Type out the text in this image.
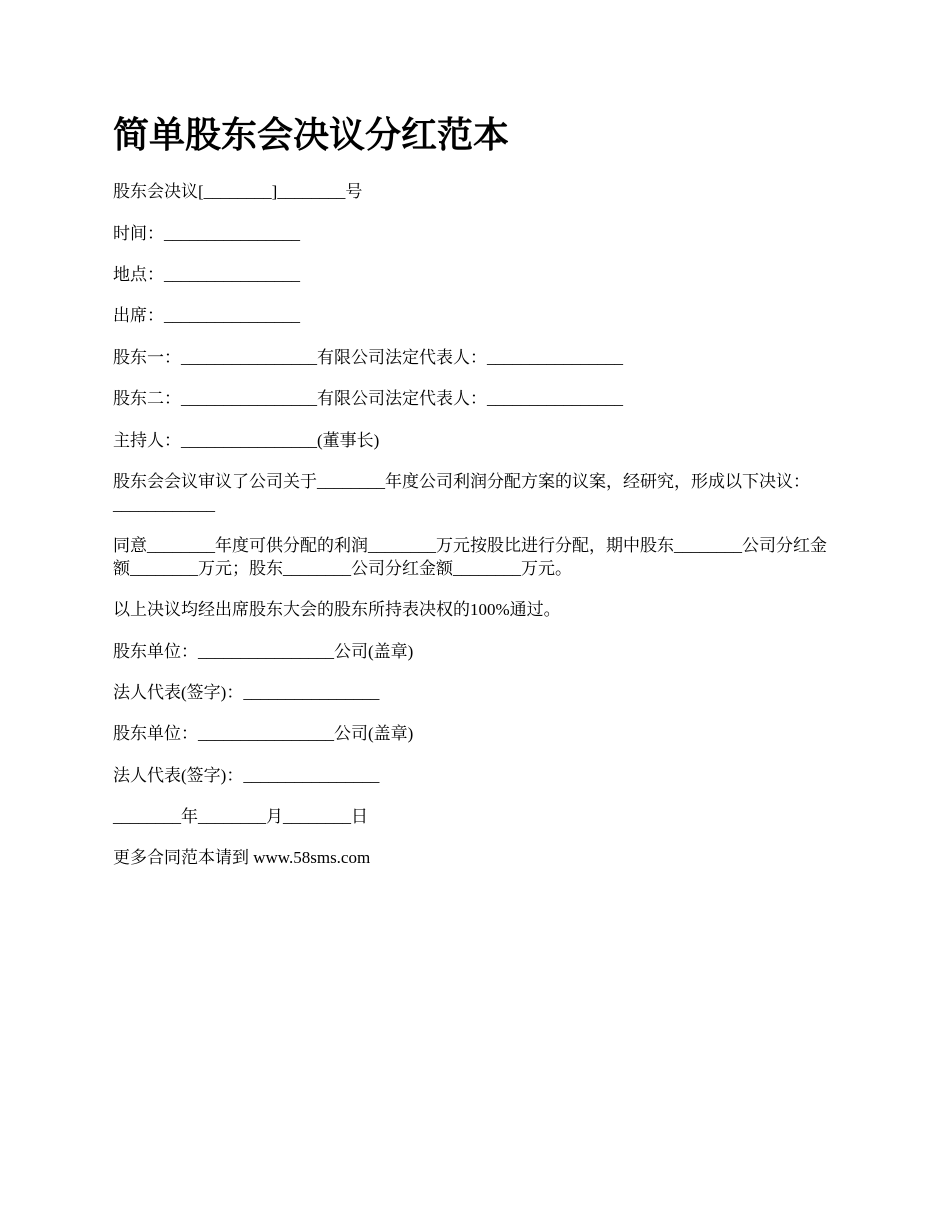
简单股东会决议分红范本

股东会决议[________]________号

时间：________________

地点：________________

出席：________________

股东一：________________有限公司法定代表人：________________

股东二：________________有限公司法定代表人：________________

主持人：________________(董事长)

股东会会议审议了公司关于________年度公司利润分配方案的议案，经研究，形成以下决议：____________

同意________年度可供分配的利润________万元按股比进行分配，期中股东________公司分红金额________万元；股东________公司分红金额________万元。

以上决议均经出席股东大会的股东所持表决权的100%通过。

股东单位：________________公司(盖章)

法人代表(签字)：________________

股东单位：________________公司(盖章)

法人代表(签字)：________________

________年________月________日

更多合同范本请到 www.58sms.com
